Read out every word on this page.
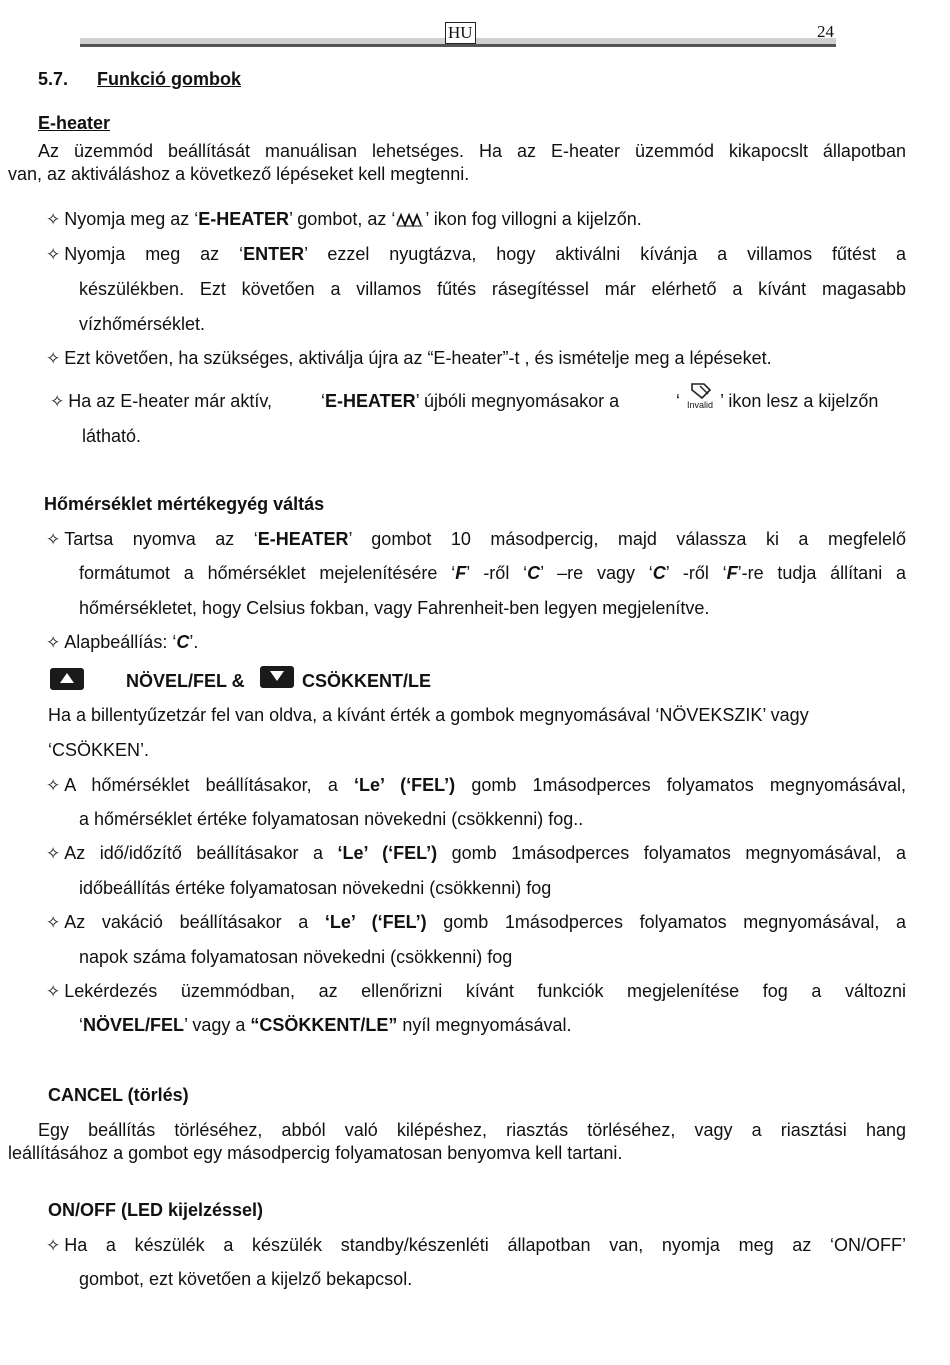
HU	24
5.7. Funkció gombok
E-heater
Az üzemmód beállítását manuálisan lehetséges. Ha az E-heater üzemmód kikapocslt állapotban
van, az aktiváláshoz a következő lépéseket kell megtenni.
✧ Nyomja meg az ‘E-HEATER’ gombot, az ‘ ’ ikon fog villogni a kijelzőn.
✧ Nyomja meg az ‘ENTER’ ezzel nyugtázva, hogy aktiválni kívánja a villamos fűtést a
készülékben. Ezt követően a villamos fűtés rásegítéssel már elérhető a kívánt magasabb
vízhőmérséklet.
✧ Ezt követően, ha szükséges, aktiválja újra az “E-heater”-t , és ismételje meg a lépéseket.
✧ Ha az E-heater már aktív,	‘E-HEATER’ újbóli megnyomásakor a	‘ Invalid ’ ikon lesz a kijelzőn
látható.
Hőmérséklet mértékegyég váltás
✧ Tartsa nyomva az ‘E-HEATER’ gombot 10 másodpercig, majd válassza ki a megfelelő
formátumot a hőmérséklet mejelenítésére ‘F’ -ről ‘C’ –re vagy ‘C’ -ről ‘F’-re tudja állítani a
hőmérsékletet, hogy Celsius fokban, vagy Fahrenheit-ben legyen megjelenítve.
✧ Alapbeállíás: ‘C’.
NÖVEL/FEL &	CSÖKKENT/LE
Ha a billentyűzetzár fel van oldva, a kívánt érték a gombok megnyomásával ‘NÖVEKSZIK’ vagy
‘CSÖKKEN’.
✧ A hőmérséklet beállításakor, a ‘Le’ (‘FEL’) gomb 1másodperces folyamatos megnyomásával,
a hőmérséklet értéke folyamatosan növekedni (csökkenni) fog..
✧ Az idő/időzítő beállításakor a ‘Le’ (‘FEL’) gomb 1másodperces folyamatos megnyomásával, a
időbeállítás értéke folyamatosan növekedni (csökkenni) fog
✧ Az vakáció beállításakor a ‘Le’ (‘FEL’) gomb 1másodperces folyamatos megnyomásával, a
napok száma folyamatosan növekedni (csökkenni) fog
✧ Lekérdezés üzemmódban, az ellenőrizni kívánt funkciók megjelenítése fog a változni
‘NÖVEL/FEL’ vagy a “CSÖKKENT/LE” nyíl megnyomásával.
CANCEL (törlés)
Egy beállítás törléséhez, abból való kilépéshez, riasztás törléséhez, vagy a riasztási hang
leállításához a gombot egy másodpercig folyamatosan benyomva kell tartani.
ON/OFF (LED kijelzéssel)
✧ Ha a készülék a készülék standby/készenléti állapotban van, nyomja meg az ‘ON/OFF’
gombot, ezt követően a kijelző bekapcsol.
